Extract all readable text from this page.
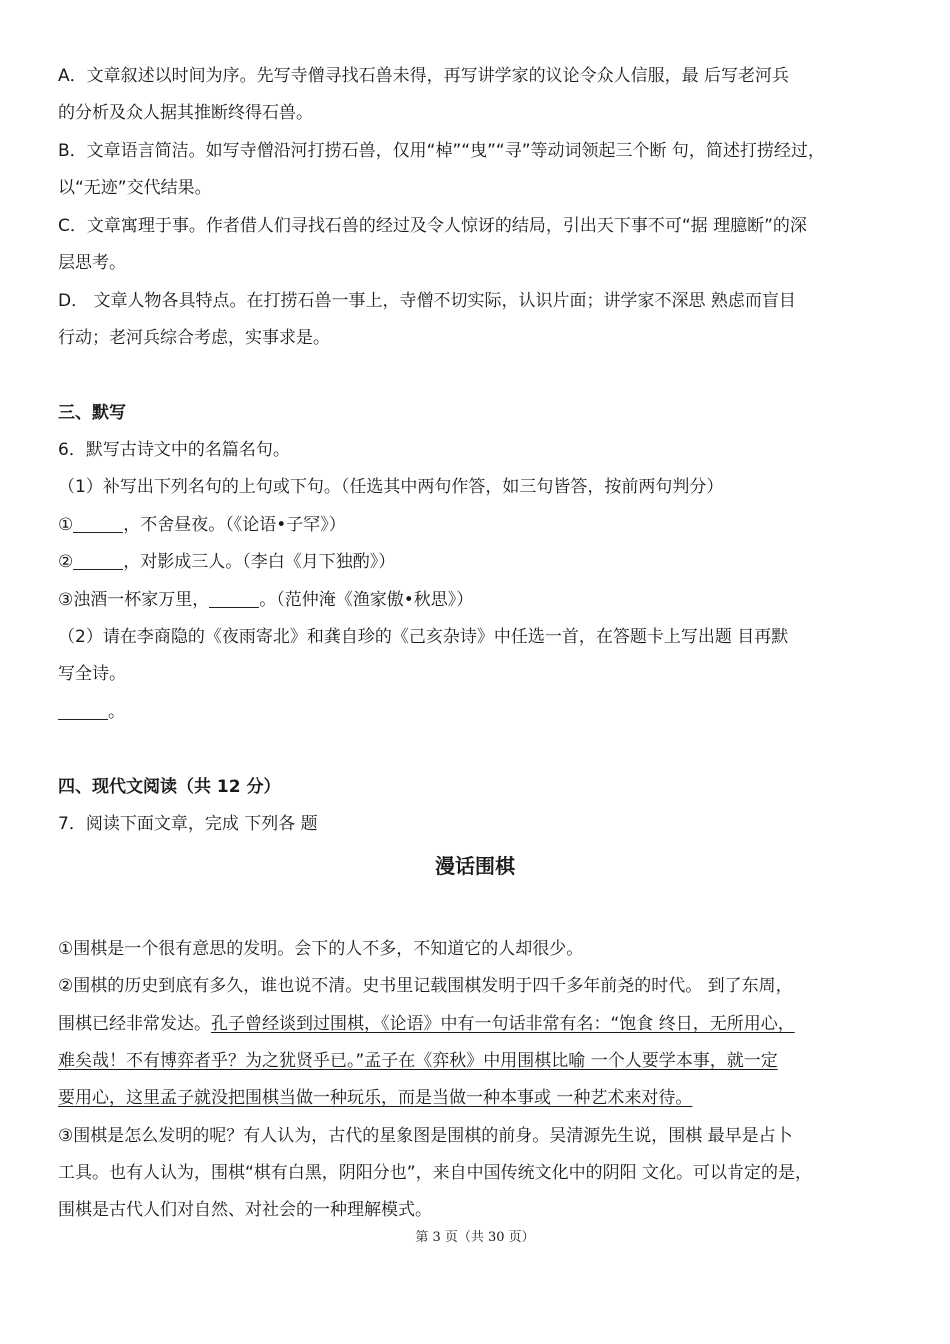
A．文章叙述以时间为序。先写寺僧寻找石兽未得，再写讲学家的议论令众人信服，最 后写老河兵
的分析及众人据其推断终得石兽。
B．文章语言简洁。如写寺僧沿河打捞石兽，仅用“棹”“曳”“寻”等动词领起三个断 句，简述打捞经过，
以“无迹”交代结果。
C．文章寓理于事。作者借人们寻找石兽的经过及令人惊讶的结局，引出天下事不可“据 理臆断”的深
层思考。
D． 文章人物各具特点。在打捞石兽一事上，寺僧不切实际，认识片面；讲学家不深思 熟虑而盲目
行动；老河兵综合考虑，实事求是。
三、默写
6．默写古诗文中的名篇名句。
（1）补写出下列名句的上句或下句。（任选其中两句作答，如三句皆答，按前两句判分）
①	，不舍昼夜。（《论语•子罕》）
②	，对影成三人。（李白《月下独酌》）
③浊酒一杯家万里，	。（范仲淹《渔家傲•秋思》）
（2）请在李商隐的《夜雨寄北》和龚自珍的《己亥杂诗》中任选一首，在答题卡上写出题 目再默
写全诗。
。
四、现代文阅读（共 12 分）
7．阅读下面文章，完成 下列各 题
漫话围棋
①围棋是一个很有意思的发明。会下的人不多，不知道它的人却很少。
②围棋的历史到底有多久，谁也说不清。史书里记载围棋发明于四千多年前尧的时代。 到了东周，
围棋已经非常发达。孔子曾经谈到过围棋，《论语》中有一句话非常有名：“饱食 终日，无所用心，
难矣哉！不有博弈者乎？为之犹贤乎已。”孟子在《弈秋》中用围棋比喻 一个人要学本事，就一定
要用心，这里孟子就没把围棋当做一种玩乐，而是当做一种本事或 一种艺术来对待。
③围棋是怎么发明的呢？有人认为，古代的星象图是围棋的前身。吴清源先生说，围棋 最早是占卜
工具。也有人认为，围棋“棋有白黑，阴阳分也”，来自中国传统文化中的阴阳 文化。可以肯定的是，
围棋是古代人们对自然、对社会的一种理解模式。
第 3 页（共 30 页）
